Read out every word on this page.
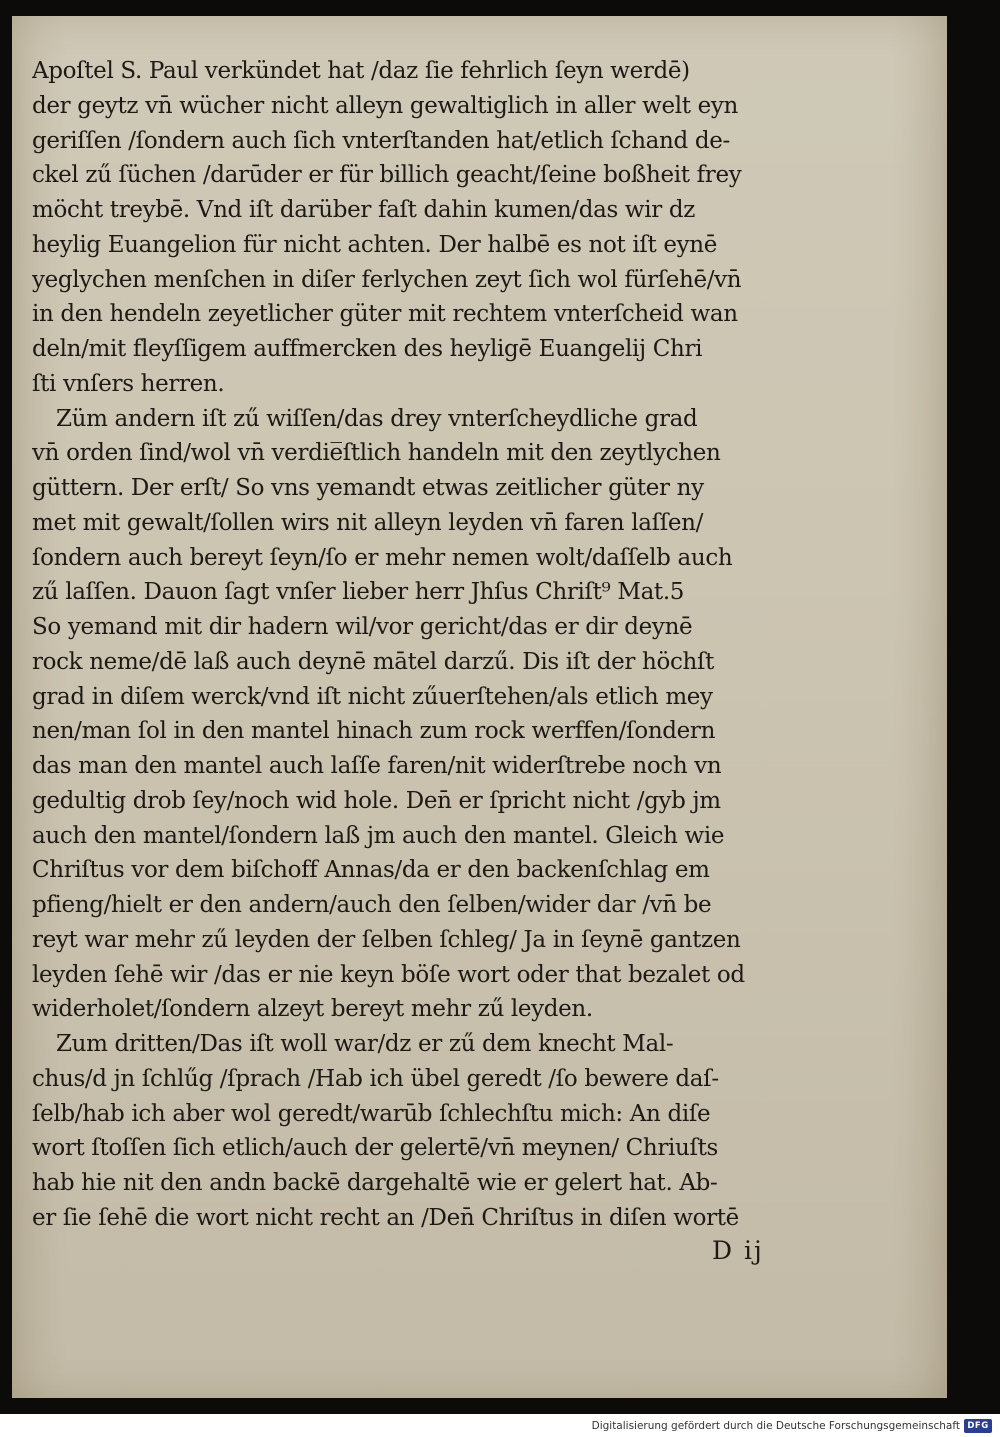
Apoſtel S. Paul verkündet hat /daz ſie fehrlich ſeyn werdē)
der geytz vn̄ wücher nicht alleyn gewaltiglich in aller welt eyn
geriſſen /ſondern auch ſich vnterſtanden hat/etlich ſchand de-
ckel zű ſüchen /darūder er für billich geacht/ſeine boßheit frey
möcht treybē. Vnd iſt darüber faſt dahin kumen/das wir dz
heylig Euangelion für nicht achten. Der halbē es not iſt eynē
yeglychen menſchen in diſer ferlychen zeyt ſich wol fürſehē/vn̄
in den hendeln zeyetlicher güter mit rechtem vnterſcheid wan
deln/mit fleyſſigem auffmercken des heyligē Euangelij Chri
ſti vnſers herren.
Züm andern iſt zű wiſſen/das drey vnterſcheydliche grad
vn̄ orden ſind/wol vn̄ verdie̅ſtlich handeln mit den zeytlychen
güttern. Der erſt/ So vns yemandt etwas zeitlicher güter ny
met mit gewalt/ſollen wirs nit alleyn leyden vn̄ faren laſſen/
ſondern auch bereyt ſeyn/ſo er mehr nemen wolt/daſſelb auch
zű laſſen. Dauon ſagt vnſer lieber herr Jhſus Chriſt⁹ Mat.5
So yemand mit dir hadern wil/vor gericht/das er dir deynē
rock neme/dē laß auch deynē mātel darzű. Dis iſt der höchſt
grad in diſem werck/vnd iſt nicht zűuerſtehen/als etlich mey
nen/man ſol in den mantel hinach zum rock werffen/ſondern
das man den mantel auch laſſe faren/nit widerſtrebe noch vn
gedultig drob ſey/noch wid hole. Den̄ er ſpricht nicht /gyb jm
auch den mantel/ſondern laß jm auch den mantel. Gleich wie
Chriſtus vor dem biſchoff Annas/da er den backenſchlag em
pfieng/hielt er den andern/auch den ſelben/wider dar /vn̄ be
reyt war mehr zű leyden der ſelben ſchleg/ Ja in ſeynē gantzen
leyden ſehē wir /das er nie keyn böſe wort oder that bezalet od
widerholet/ſondern alzeyt bereyt mehr zű leyden.
Zum dritten/Das iſt woll war/dz er zű dem knecht Mal-
chus/d jn ſchlűg /ſprach /Hab ich übel geredt /ſo bewere daſ-
ſelb/hab ich aber wol geredt/warūb ſchlechſtu mich: An diſe
wort ſtoſſen ſich etlich/auch der gelertē/vn̄ meynen/ Chriuſts
hab hie nit den andn backē dargehaltē wie er gelert hat. Ab-
er ſie ſehē die wort nicht recht an /Den̄ Chriſtus in diſen wortē
D ij
Digitalisierung gefördert durch die Deutsche Forschungsgemeinschaft DFG
